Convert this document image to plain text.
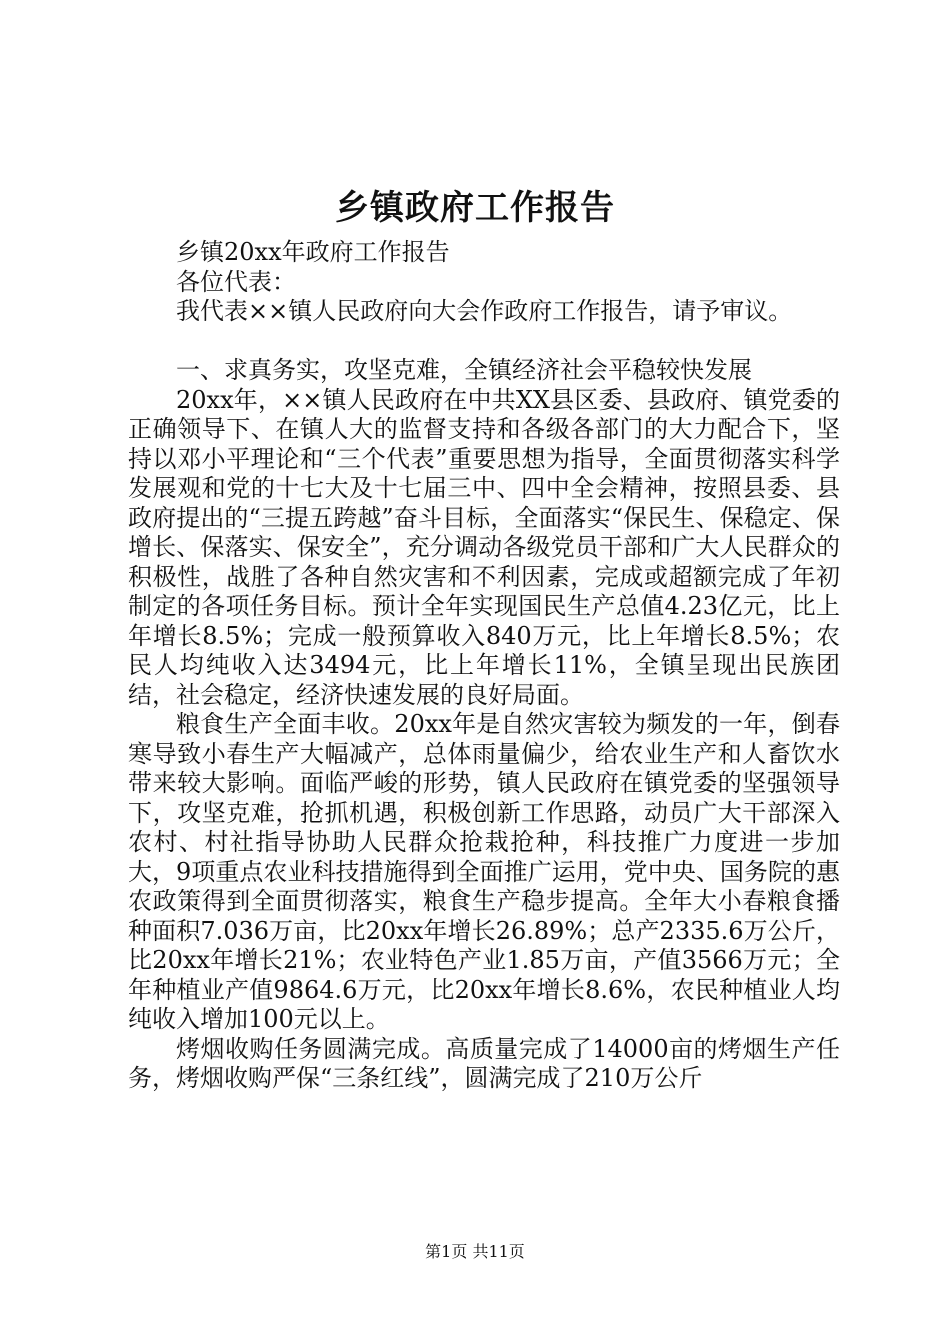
乡镇政府工作报告

乡镇20xx年政府工作报告

各位代表：

我代表××镇人民政府向大会作政府工作报告，请予审议。

一、求真务实，攻坚克难，全镇经济社会平稳较快发展

20xx年，××镇人民政府在中共XX县区委、县政府、镇党委的正确领导下、在镇人大的监督支持和各级各部门的大力配合下，坚持以邓小平理论和“三个代表”重要思想为指导，全面贯彻落实科学发展观和党的十七大及十七届三中、四中全会精神，按照县委、县政府提出的“三提五跨越”奋斗目标，全面落实“保民生、保稳定、保增长、保落实、保安全”，充分调动各级党员干部和广大人民群众的积极性，战胜了各种自然灾害和不利因素，完成或超额完成了年初制定的各项任务目标。预计全年实现国民生产总值4.23亿元，比上年增长8.5%；完成一般预算收入840万元，比上年增长8.5%；农民人均纯收入达3494元，比上年增长11%，全镇呈现出民族团结，社会稳定，经济快速发展的良好局面。

粮食生产全面丰收。20xx年是自然灾害较为频发的一年，倒春寒导致小春生产大幅减产，总体雨量偏少，给农业生产和人畜饮水带来较大影响。面临严峻的形势，镇人民政府在镇党委的坚强领导下，攻坚克难，抢抓机遇，积极创新工作思路，动员广大干部深入农村、村社指导协助人民群众抢栽抢种，科技推广力度进一步加大，9项重点农业科技措施得到全面推广运用，党中央、国务院的惠农政策得到全面贯彻落实，粮食生产稳步提高。全年大小春粮食播种面积7.036万亩，比20xx年增长26.89%；总产2335.6万公斤，比20xx年增长21%；农业特色产业1.85万亩，产值3566万元；全年种植业产值9864.6万元，比20xx年增长8.6%，农民种植业人均纯收入增加100元以上。

烤烟收购任务圆满完成。高质量完成了14000亩的烤烟生产任务，烤烟收购严保“三条红线”，圆满完成了210万公斤

第1页 共11页
